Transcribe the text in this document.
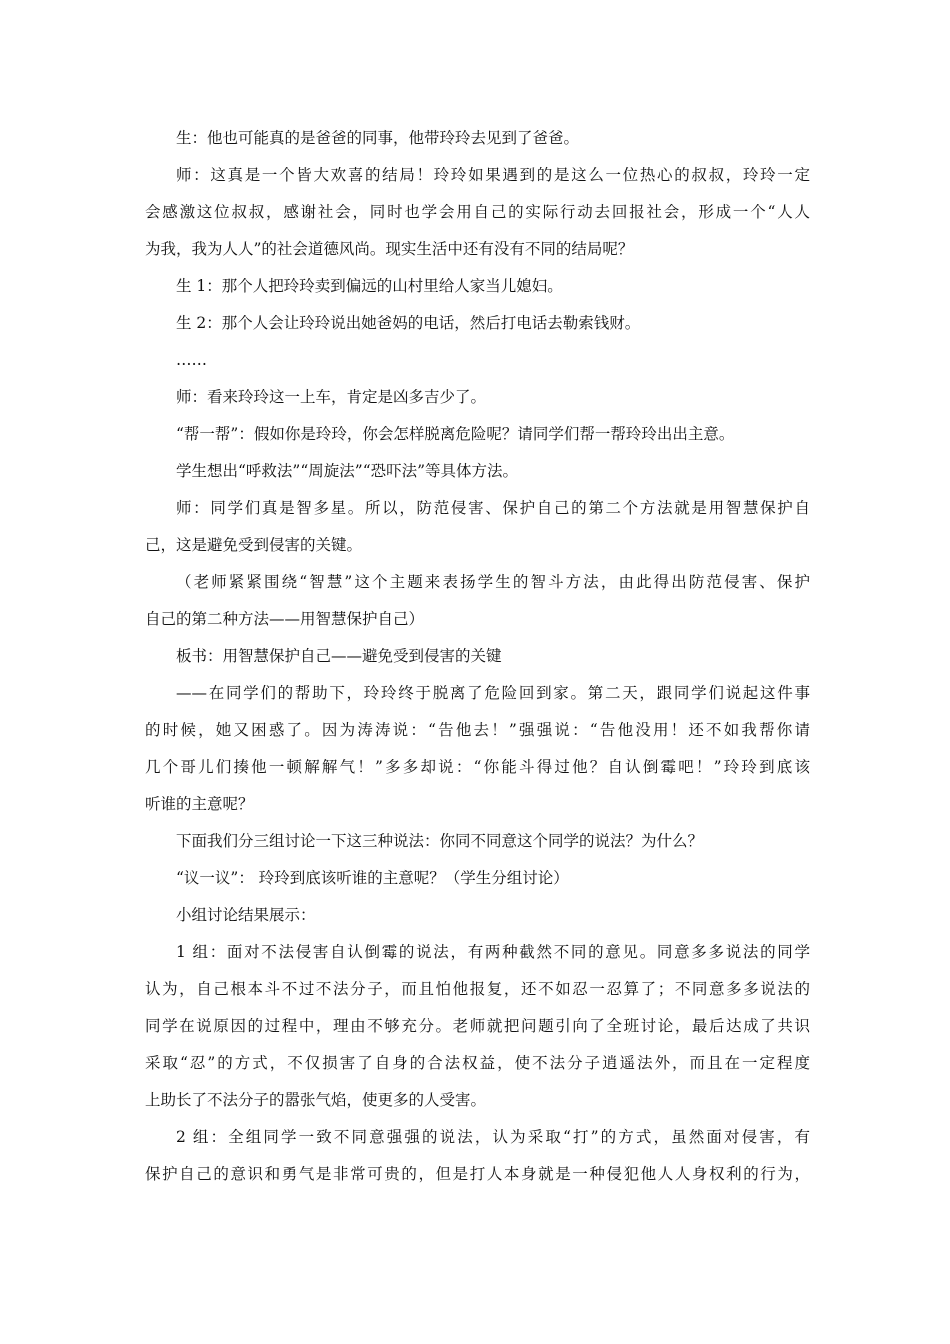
生：他也可能真的是爸爸的同事，他带玲玲去见到了爸爸。
师：这真是一个皆大欢喜的结局！玲玲如果遇到的是这么一位热心的叔叔，玲玲一定
会感激这位叔叔，感谢社会，同时也学会用自己的实际行动去回报社会，形成一个“人人
为我，我为人人”的社会道德风尚。现实生活中还有没有不同的结局呢？
生 1：那个人把玲玲卖到偏远的山村里给人家当儿媳妇。
生 2：那个人会让玲玲说出她爸妈的电话，然后打电话去勒索钱财。
……
师：看来玲玲这一上车，肯定是凶多吉少了。
“帮一帮”：假如你是玲玲，你会怎样脱离危险呢？请同学们帮一帮玲玲出出主意。
学生想出“呼救法”“周旋法”“恐吓法”等具体方法。
师：同学们真是智多星。所以，防范侵害、保护自己的第二个方法就是用智慧保护自
己，这是避免受到侵害的关键。
（老师紧紧围绕“智慧”这个主题来表扬学生的智斗方法，由此得出防范侵害、保护
自己的第二种方法——用智慧保护自己）
板书：用智慧保护自己——避免受到侵害的关键
——在同学们的帮助下，玲玲终于脱离了危险回到家。第二天，跟同学们说起这件事
的时候，她又困惑了。因为涛涛说：“告他去！”强强说：“告他没用！还不如我帮你请
几个哥儿们揍他一顿解解气！”多多却说：“你能斗得过他？自认倒霉吧！”玲玲到底该
听谁的主意呢？
下面我们分三组讨论一下这三种说法：你同不同意这个同学的说法？为什么？
“议一议”： 玲玲到底该听谁的主意呢？（学生分组讨论）
小组讨论结果展示：
1 组：面对不法侵害自认倒霉的说法，有两种截然不同的意见。同意多多说法的同学
认为，自己根本斗不过不法分子，而且怕他报复，还不如忍一忍算了；不同意多多说法的
同学在说原因的过程中，理由不够充分。老师就把问题引向了全班讨论，最后达成了共识
采取“忍”的方式，不仅损害了自身的合法权益，使不法分子逍遥法外，而且在一定程度
上助长了不法分子的嚣张气焰，使更多的人受害。
2 组：全组同学一致不同意强强的说法，认为采取“打”的方式，虽然面对侵害，有
保护自己的意识和勇气是非常可贵的，但是打人本身就是一种侵犯他人人身权利的行为，
